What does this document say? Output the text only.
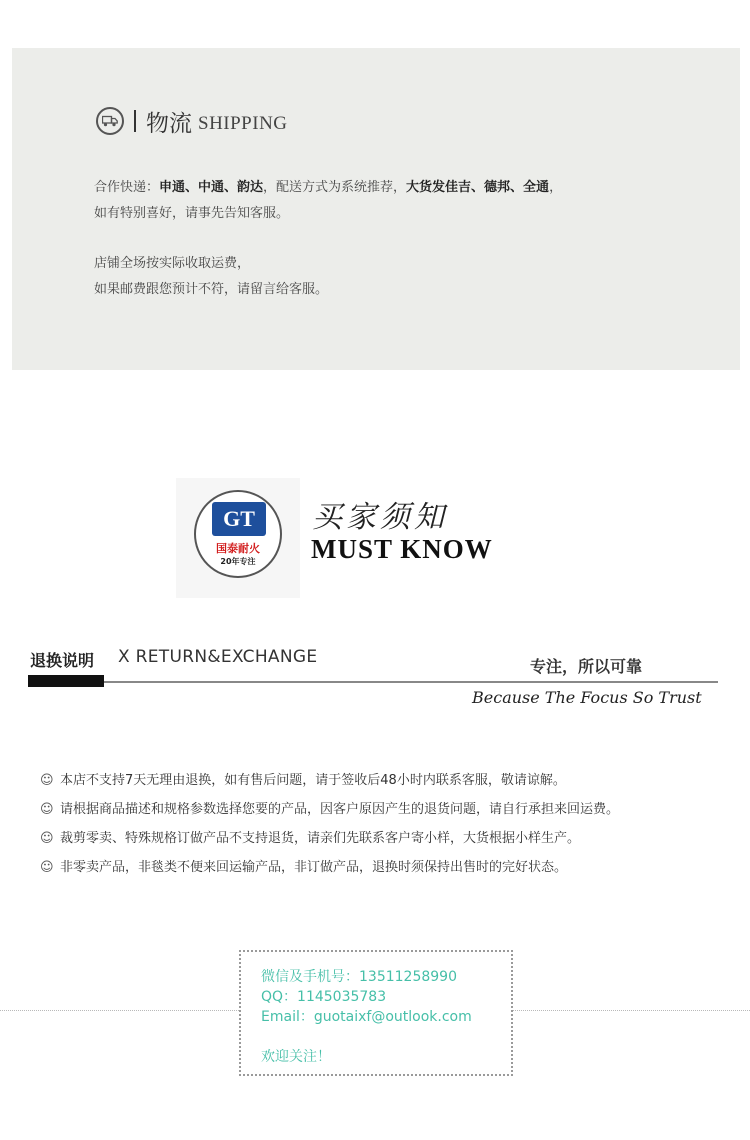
物流 SHIPPING
合作快递：申通、中通、韵达，配送方式为系统推荐，大货发佳吉、德邦、全通，
如有特别喜好，请事先告知客服。
店铺全场按实际收取运费，
如果邮费跟您预计不符，请留言给客服。
GT
国泰耐火
20年专注
买家须知
MUST KNOW
退换说明 X RETURN&EXCHANGE	专注，所以可靠
Because The Focus So Trust
☺ 本店不支持7天无理由退换，如有售后问题，请于签收后48小时内联系客服，敬请谅解。
☺ 请根据商品描述和规格参数选择您要的产品，因客户原因产生的退货问题，请自行承担来回运费。
☺ 裁剪零卖、特殊规格订做产品不支持退货，请亲们先联系客户寄小样，大货根据小样生产。
☺ 非零卖产品，非毯类不便来回运输产品，非订做产品，退换时须保持出售时的完好状态。
微信及手机号：13511258990
QQ：1145035783
Email：guotaixf@outlook.com
欢迎关注！
